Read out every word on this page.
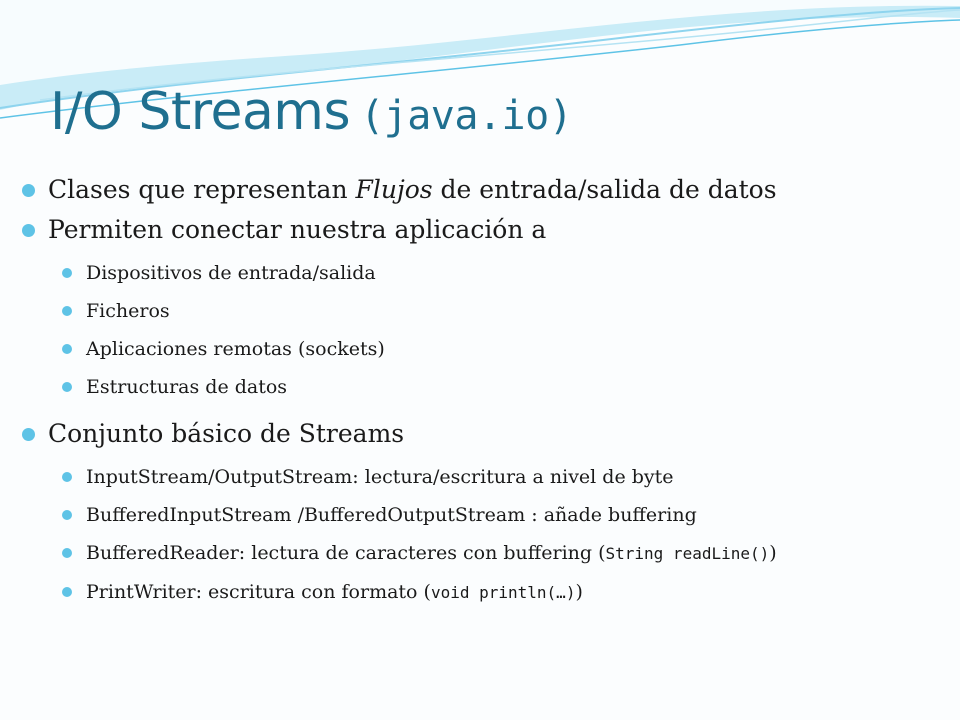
I/O Streams (java.io)
Clases que representan Flujos de entrada/salida de datos
Permiten conectar nuestra aplicación a
Dispositivos de entrada/salida
Ficheros
Aplicaciones remotas (sockets)
Estructuras de datos
Conjunto básico de Streams
InputStream/OutputStream: lectura/escritura a nivel de byte
BufferedInputStream /BufferedOutputStream : añade buffering
BufferedReader: lectura de caracteres con buffering (String readLine())
PrintWriter: escritura con formato (void println(…))
